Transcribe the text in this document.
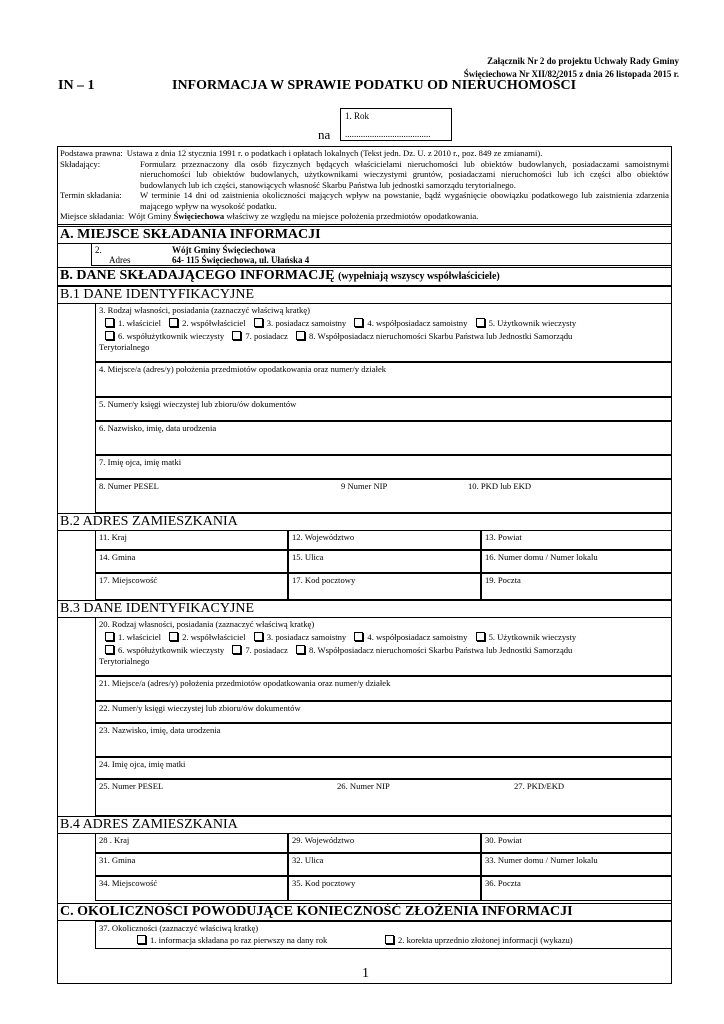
Załącznik Nr 2 do projektu Uchwały Rady Gminy
Święciechowa Nr XII/82/2015 z dnia 26 listopada 2015 r.
IN – 1	INFORMACJA W SPRAWIE PODATKU OD NIERUCHOMOŚCI
na
1. Rok
......................................
Podstawa prawna: Ustawa z dnia 12 stycznia 1991 r. o podatkach i opłatach lokalnych (Tekst jedn. Dz. U. z 2010 r., poz. 849 ze zmianami).
Składający:	Formularz przeznaczony dla osób fizycznych będących właścicielami nieruchomości lub obiektów budowlanych, posiadaczami samoistnymi nieruchomości lub obiektów budowlanych, użytkownikami wieczystymi gruntów, posiadaczami nieruchomości lub ich części albo obiektów budowlanych lub ich części, stanowiących własność Skarbu Państwa lub jednostki samorządu terytorialnego.
Termin składania:	W terminie 14 dni od zaistnienia okoliczności mających wpływ na powstanie, bądź wygaśnięcie obowiązku podatkowego lub zaistnienia zdarzenia mającego wpływ na wysokość podatku.
Miejsce składania: Wójt Gminy Święciechowa właściwy ze względu na miejsce położenia przedmiotów opodatkowania.
A. MIEJSCE SKŁADANIA INFORMACJI
2.	Wójt Gminy Święciechowa
Adres	64- 115 Święciechowa, ul. Ułańska 4
B. DANE SKŁADAJĄCEGO INFORMACJĘ (wypełniają wszyscy współwłaściciele)
B.1 DANE IDENTYFIKACYJNE
3. Rodzaj własności, posiadania (zaznaczyć właściwą kratkę)
1. właściciel 2. współwłaściciel 3. posiadacz samoistny 4. współposiadacz samoistny 5. Użytkownik wieczysty
6. współużytkownik wieczysty 7. posiadacz 8. Współposiadacz nieruchomości Skarbu Państwa lub Jednostki Samorządu
Terytorialnego
4. Miejsce/a (adres/y) położenia przedmiotów opodatkowania oraz numer/y działek
5. Numer/y księgi wieczystej lub zbioru/ów dokumentów
6. Nazwisko, imię, data urodzenia
7. Imię ojca, imię matki
8. Numer PESEL	9 Numer NIP	10. PKD lub EKD
B.2 ADRES ZAMIESZKANIA
11. Kraj	12. Województwo	13. Powiat
14. Gmina	15. Ulica	16. Numer domu / Numer lokalu
17. Miejscowość	17. Kod pocztowy	19. Poczta
B.3 DANE IDENTYFIKACYJNE
20. Rodzaj własności, posiadania (zaznaczyć właściwą kratkę)
1. właściciel 2. współwłaściciel 3. posiadacz samoistny 4. współposiadacz samoistny 5. Użytkownik wieczysty
6. współużytkownik wieczysty 7. posiadacz 8. Współposiadacz nieruchomości Skarbu Państwa lub Jednostki Samorządu
Terytorialnego
21. Miejsce/a (adres/y) położenia przedmiotów opodatkowania oraz numer/y działek
22. Numer/y księgi wieczystej lub zbioru/ów dokumentów
23. Nazwisko, imię, data urodzenia
24. Imię ojca, imię matki
25. Numer PESEL	26. Numer NIP	27. PKD/EKD
B.4 ADRES ZAMIESZKANIA
28 . Kraj	29. Województwo	30. Powiat
31. Gmina	32. Ulica	33. Numer domu / Numer lokalu
34. Miejscowość	35. Kod pocztowy	36. Poczta
C. OKOLICZNOŚCI POWODUJĄCE KONIECZNOŚĆ ZŁOŻENIA INFORMACJI
37. Okoliczności (zaznaczyć właściwą kratkę)
1. informacja składana po raz pierwszy na dany rok	2. korekta uprzednio złożonej informacji (wykazu)
1
